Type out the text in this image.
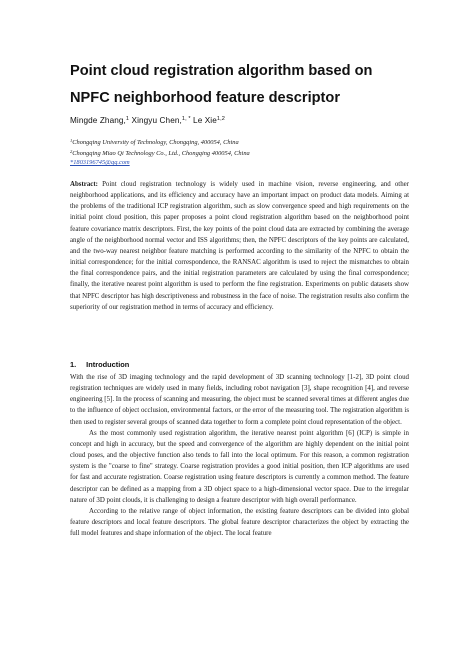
Point cloud registration algorithm based on NPFC neighborhood feature descriptor
Mingde Zhang,$^1$ Xingyu Chen,$^{1, *}$ Le Xie$^{1,2}$
$^1$Chongqing University of Technology, Chongqing, 400054, China
$^2$Chongqing Miao Qi Technology Co., Ltd., Chongqing 400054, China
*1803196745@qq.com
Abstract: Point cloud registration technology is widely used in machine vision, reverse engineering, and other neighborhood applications, and its efficiency and accuracy have an important impact on product data models. Aiming at the problems of the traditional ICP registration algorithm, such as slow convergence speed and high requirements on the initial point cloud position, this paper proposes a point cloud registration algorithm based on the neighborhood point feature covariance matrix descriptors. First, the key points of the point cloud data are extracted by combining the average angle of the neighborhood normal vector and ISS algorithms; then, the NPFC descriptors of the key points are calculated, and the two-way nearest neighbor feature matching is performed according to the similarity of the NPFC to obtain the initial correspondence; for the initial correspondence, the RANSAC algorithm is used to reject the mismatches to obtain the final correspondence pairs, and the initial registration parameters are calculated by using the final correspondence; finally, the iterative nearest point algorithm is used to perform the fine registration. Experiments on public datasets show that NPFC descriptor has high descriptiveness and robustness in the face of noise. The registration results also confirm the superiority of our registration method in terms of accuracy and efficiency.
1. Introduction

With the rise of 3D imaging technology and the rapid development of 3D scanning technology [1-2], 3D point cloud registration techniques are widely used in many fields, including robot navigation [3], shape recognition [4], and reverse engineering [5]. In the process of scanning and measuring, the object must be scanned several times at different angles due to the influence of object occlusion, environmental factors, or the error of the measuring tool. The registration algorithm is then used to register several groups of scanned data together to form a complete point cloud representation of the object.

As the most commonly used registration algorithm, the iterative nearest point algorithm [6] (ICP) is simple in concept and high in accuracy, but the speed and convergence of the algorithm are highly dependent on the initial point cloud poses, and the objective function also tends to fall into the local optimum. For this reason, a common registration system is the "coarse to fine" strategy. Coarse registration provides a good initial position, then ICP algorithms are used for fast and accurate registration. Coarse registration using feature descriptors is currently a common method. The feature descriptor can be defined as a mapping from a 3D object space to a high-dimensional vector space. Due to the irregular nature of 3D point clouds, it is challenging to design a feature descriptor with high overall performance.

According to the relative range of object information, the existing feature descriptors can be divided into global feature descriptors and local feature descriptors. The global feature descriptor characterizes the object by extracting the full model features and shape information of the object. The local feature
